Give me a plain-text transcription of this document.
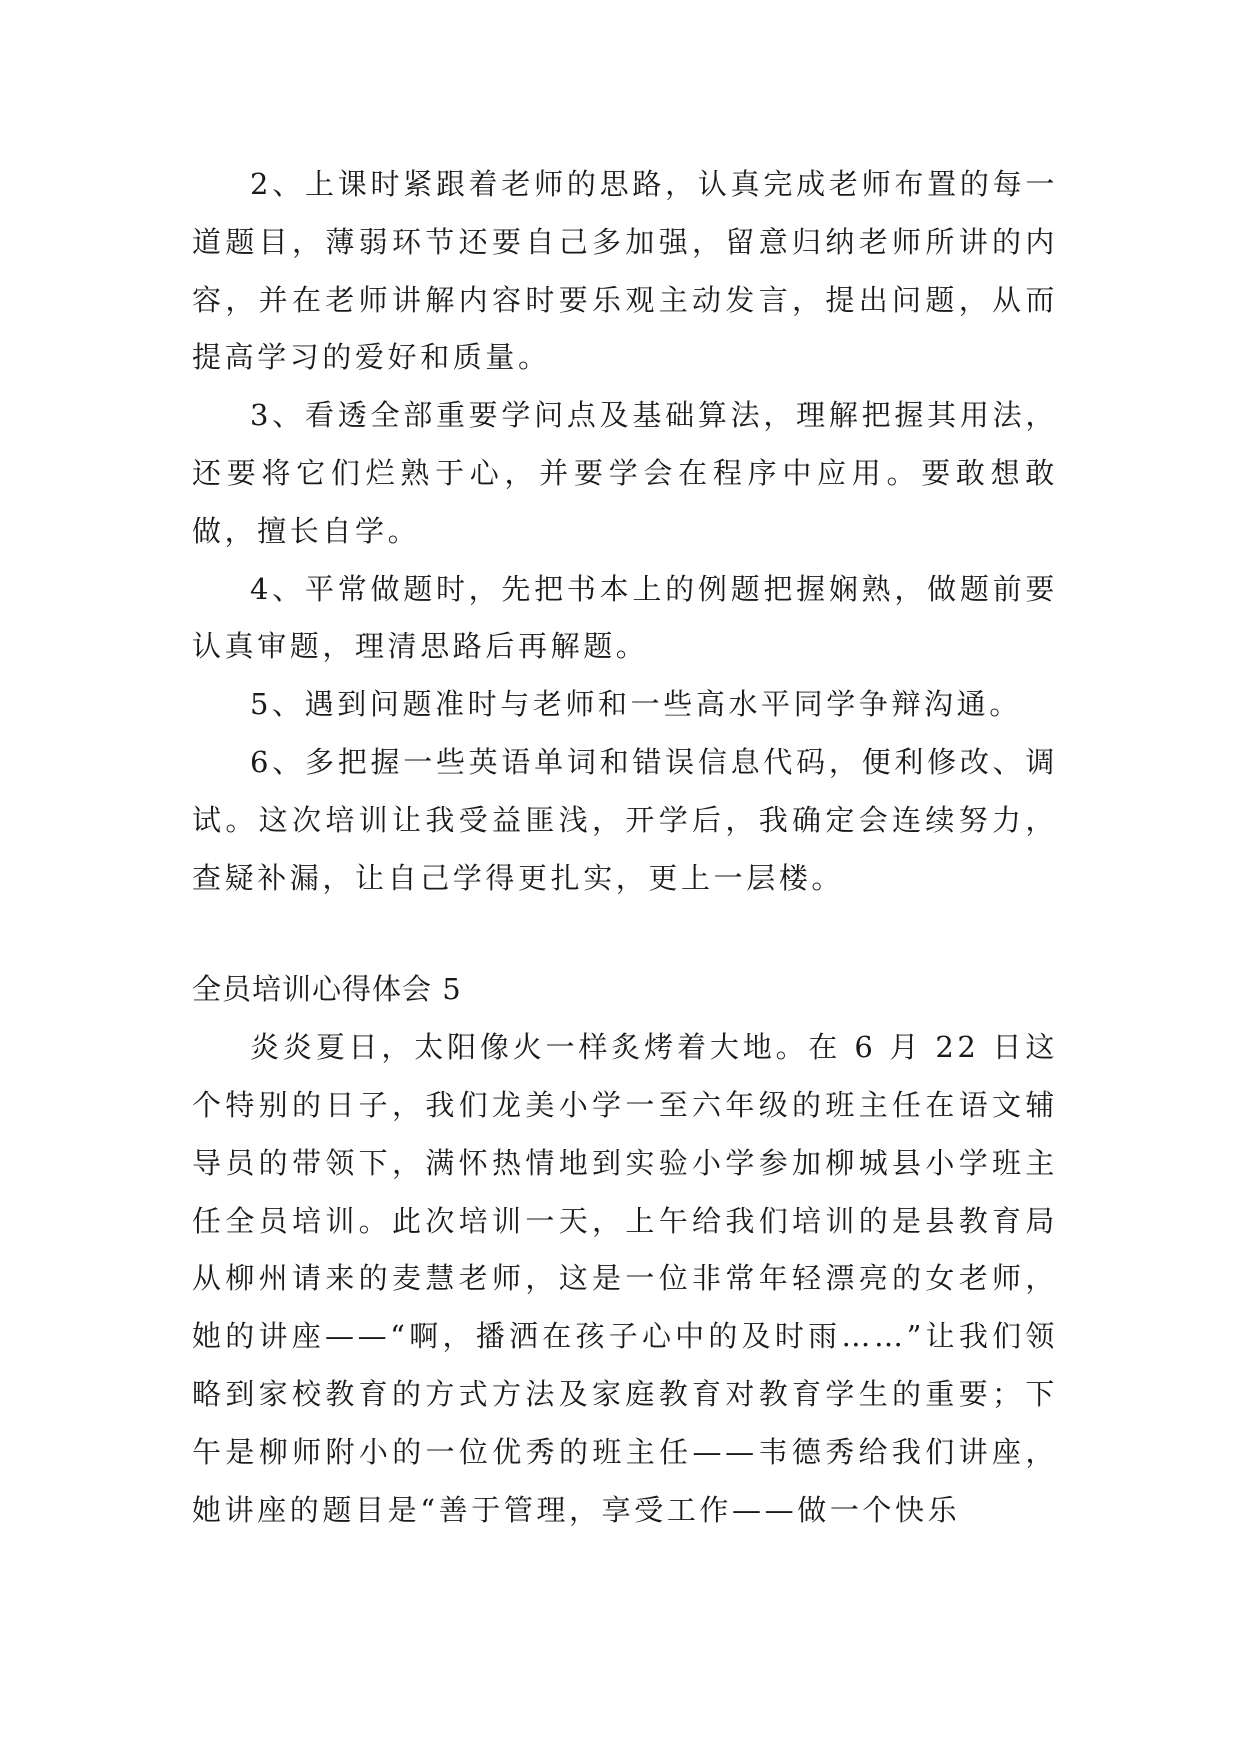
2、上课时紧跟着老师的思路，认真完成老师布置的每一道题目，薄弱环节还要自己多加强，留意归纳老师所讲的内容，并在老师讲解内容时要乐观主动发言，提出问题，从而提高学习的爱好和质量。

3、看透全部重要学问点及基础算法，理解把握其用法，还要将它们烂熟于心，并要学会在程序中应用。要敢想敢做，擅长自学。

4、平常做题时，先把书本上的例题把握娴熟，做题前要认真审题，理清思路后再解题。

5、遇到问题准时与老师和一些高水平同学争辩沟通。

6、多把握一些英语单词和错误信息代码，便利修改、调试。这次培训让我受益匪浅，开学后，我确定会连续努力，查疑补漏，让自己学得更扎实，更上一层楼。

全员培训心得体会 5

炎炎夏日，太阳像火一样炙烤着大地。在 6 月 22 日这个特别的日子，我们龙美小学一至六年级的班主任在语文辅导员的带领下，满怀热情地到实验小学参加柳城县小学班主任全员培训。此次培训一天，上午给我们培训的是县教育局从柳州请来的麦慧老师，这是一位非常年轻漂亮的女老师，她的讲座——“啊，播洒在孩子心中的及时雨……”让我们领略到家校教育的方式方法及家庭教育对教育学生的重要；下午是柳师附小的一位优秀的班主任——韦德秀给我们讲座，她讲座的题目是“善于管理，享受工作——做一个快乐
